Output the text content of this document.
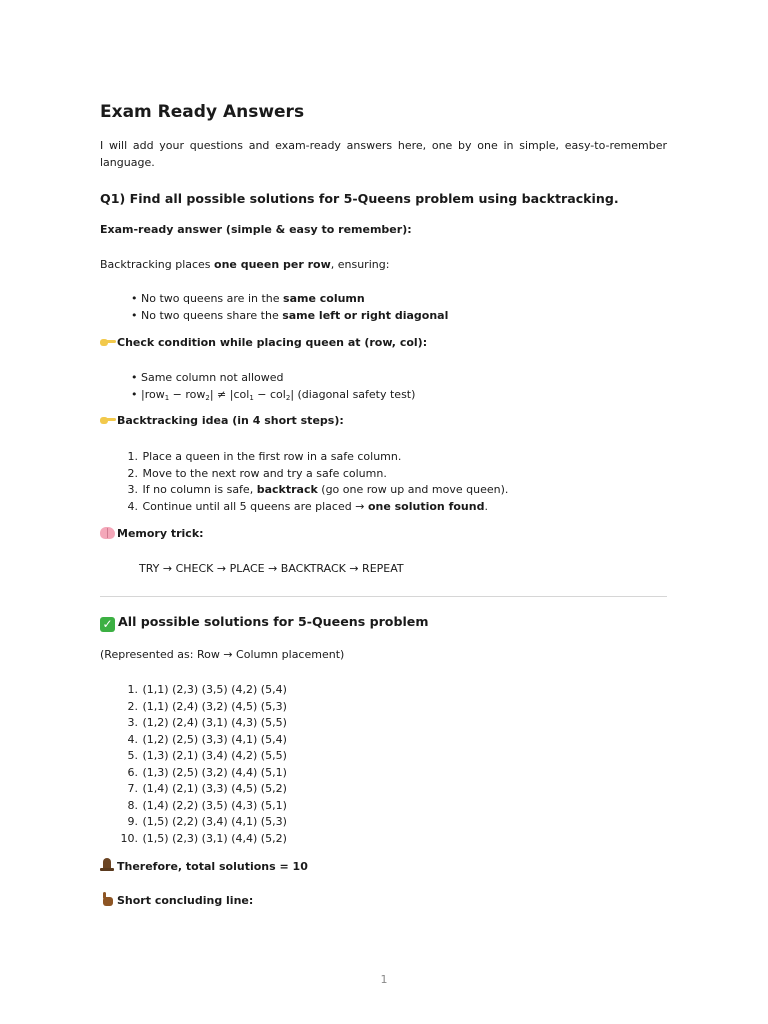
Exam Ready Answers

I will add your questions and exam-ready answers here, one by one in simple, easy-to-remember language.

Q1) Find all possible solutions for 5-Queens problem using backtracking.

Exam-ready answer (simple & easy to remember):

Backtracking places one queen per row, ensuring:

• No two queens are in the same column
• No two queens share the same left or right diagonal

Check condition while placing queen at (row, col):

• Same column not allowed
• |row$_1$ − row$_2$| ≠ |col$_1$ − col$_2$| (diagonal safety test)

Backtracking idea (in 4 short steps):

1. Place a queen in the first row in a safe column.
2. Move to the next row and try a safe column.
3. If no column is safe, backtrack (go one row up and move queen).
4. Continue until all 5 queens are placed → one solution found.

Memory trick:

TRY → CHECK → PLACE → BACKTRACK → REPEAT

✓ All possible solutions for 5-Queens problem

(Represented as: Row → Column placement)

1. (1,1) (2,3) (3,5) (4,2) (5,4)
2. (1,1) (2,4) (3,2) (4,5) (5,3)
3. (1,2) (2,4) (3,1) (4,3) (5,5)
4. (1,2) (2,5) (3,3) (4,1) (5,4)
5. (1,3) (2,1) (3,4) (4,2) (5,5)
6. (1,3) (2,5) (3,2) (4,4) (5,1)
7. (1,4) (2,1) (3,3) (4,5) (5,2)
8. (1,4) (2,2) (3,5) (4,3) (5,1)
9. (1,5) (2,2) (3,4) (4,1) (5,3)
10. (1,5) (2,3) (3,1) (4,4) (5,2)

Therefore, total solutions = 10

Short concluding line:

1
